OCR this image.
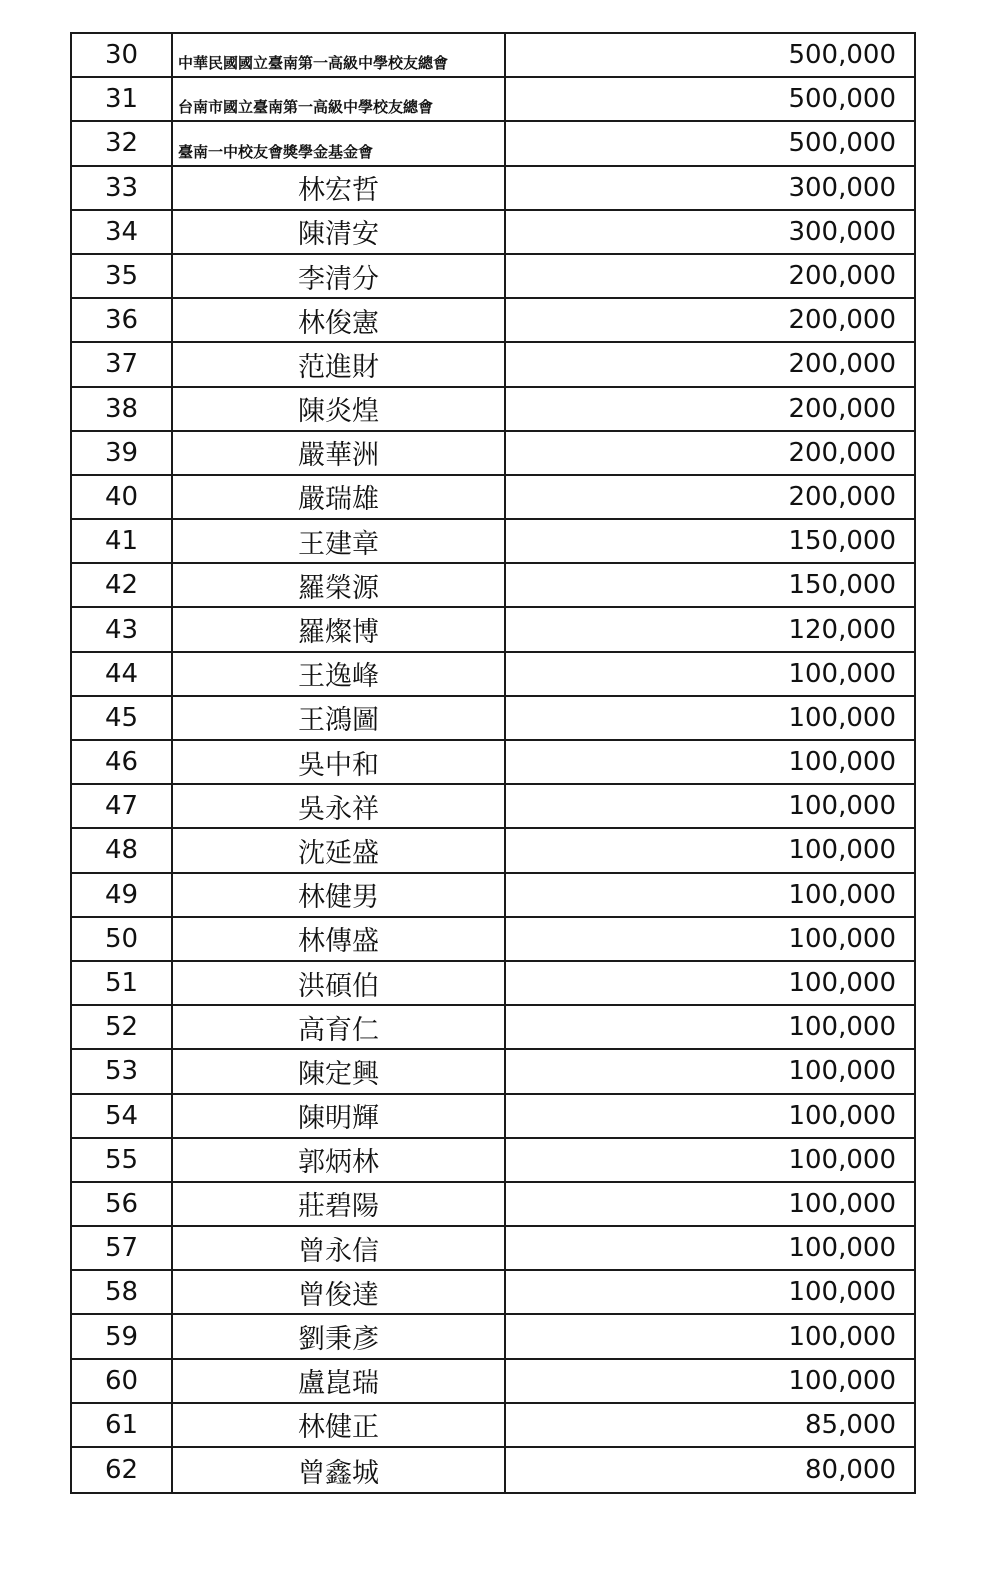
30	中華民國國立臺南第一高級中學校友總會	500,000
31	台南市國立臺南第一高級中學校友總會	500,000
32	臺南一中校友會獎學金基金會	500,000
33	林宏哲	300,000
34	陳清安	300,000
35	李清分	200,000
36	林俊憲	200,000
37	范進財	200,000
38	陳炎煌	200,000
39	嚴華洲	200,000
40	嚴瑞雄	200,000
41	王建章	150,000
42	羅榮源	150,000
43	羅燦博	120,000
44	王逸峰	100,000
45	王鴻圖	100,000
46	吳中和	100,000
47	吳永祥	100,000
48	沈延盛	100,000
49	林健男	100,000
50	林傳盛	100,000
51	洪碩伯	100,000
52	高育仁	100,000
53	陳定興	100,000
54	陳明輝	100,000
55	郭炳林	100,000
56	莊碧陽	100,000
57	曾永信	100,000
58	曾俊達	100,000
59	劉秉彥	100,000
60	盧崑瑞	100,000
61	林健正	85,000
62	曾鑫城	80,000
